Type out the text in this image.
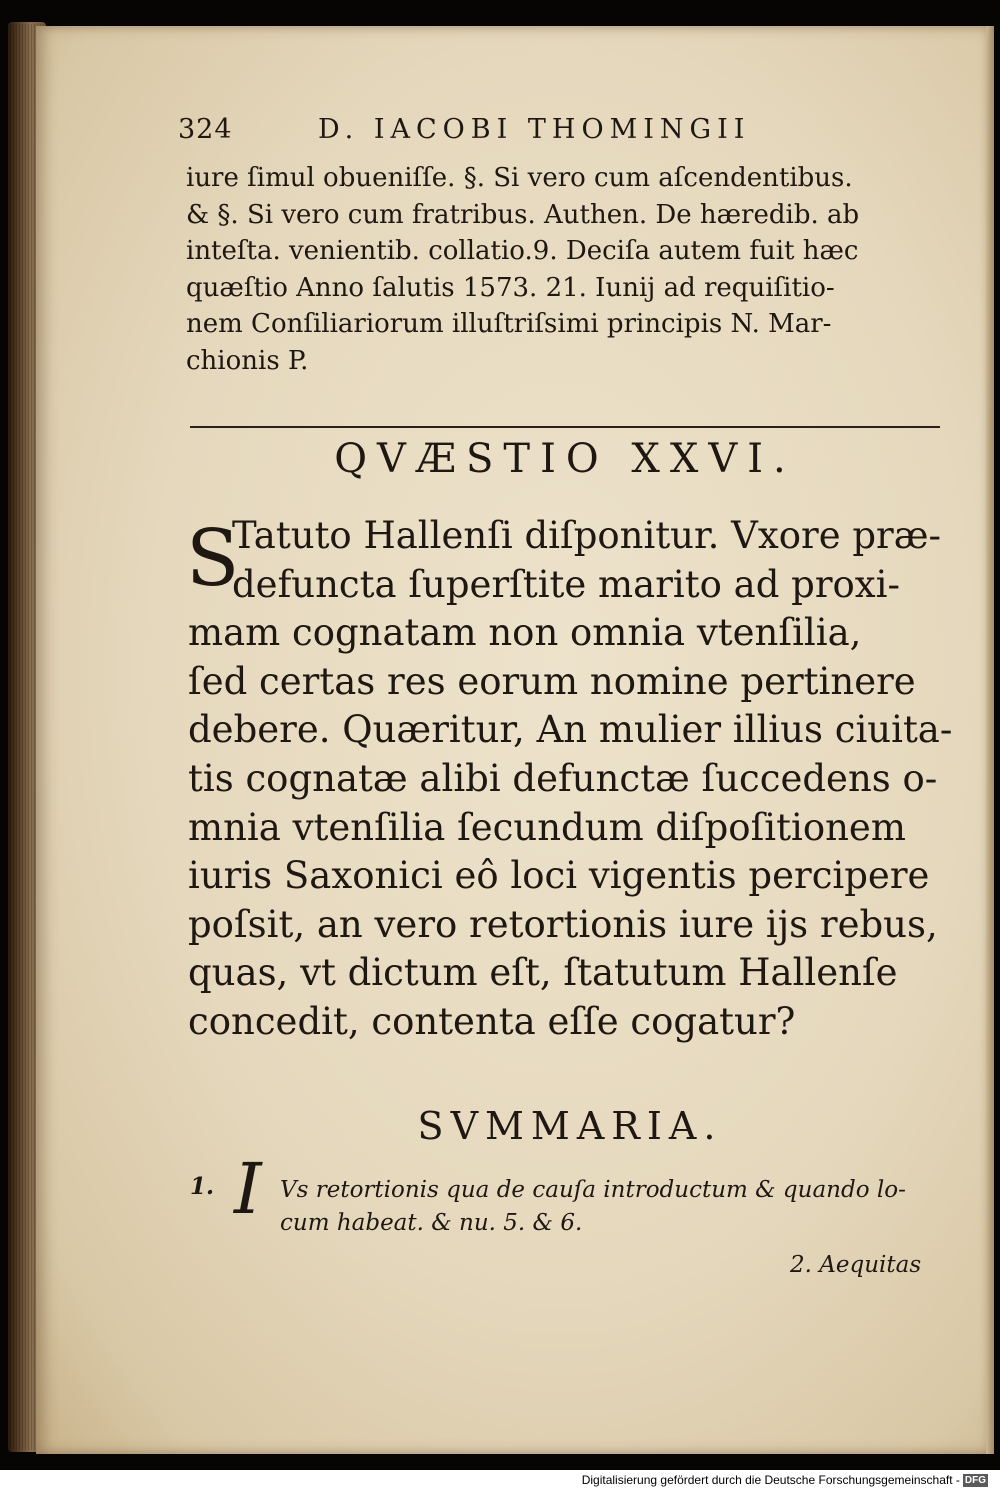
324	D. IACOBI THOMINGII
iure ſimul obueniſſe. §. Si vero cum aſcendentibus.
& §. Si vero cum fratribus. Authen. De hæredib. ab
inteſta. venientib. collatio.9. Deciſa autem fuit hæc
quæſtio Anno ſalutis 1573. 21. Iunij ad requiſitio-
nem Conſiliariorum illuſtriſsimi principis N. Mar-
chionis P.
QVÆSTIO XXVI.
S
Tatuto Hallenſi diſponitur. Vxore præ-
defuncta ſuperſtite marito ad proxi-
mam cognatam non omnia vtenſilia,
ſed certas res eorum nomine pertinere
debere. Quæritur, An mulier illius ciuita-
tis cognatæ alibi defunctæ ſuccedens o-
mnia vtenſilia ſecundum diſpoſitionem
iuris Saxonici eô loci vigentis percipere
poſsit, an vero retortionis iure ijs rebus,
quas, vt dictum eſt, ſtatutum Hallenſe
concedit, contenta eſſe cogatur?
SVMMARIA.
1. I Vs retortionis qua de cauſa introductum & quando lo-
cum habeat. & nu. 5. & 6.
2. Aequitas
Digitalisierung gefördert durch die Deutsche Forschungsgemeinschaft - DFG
